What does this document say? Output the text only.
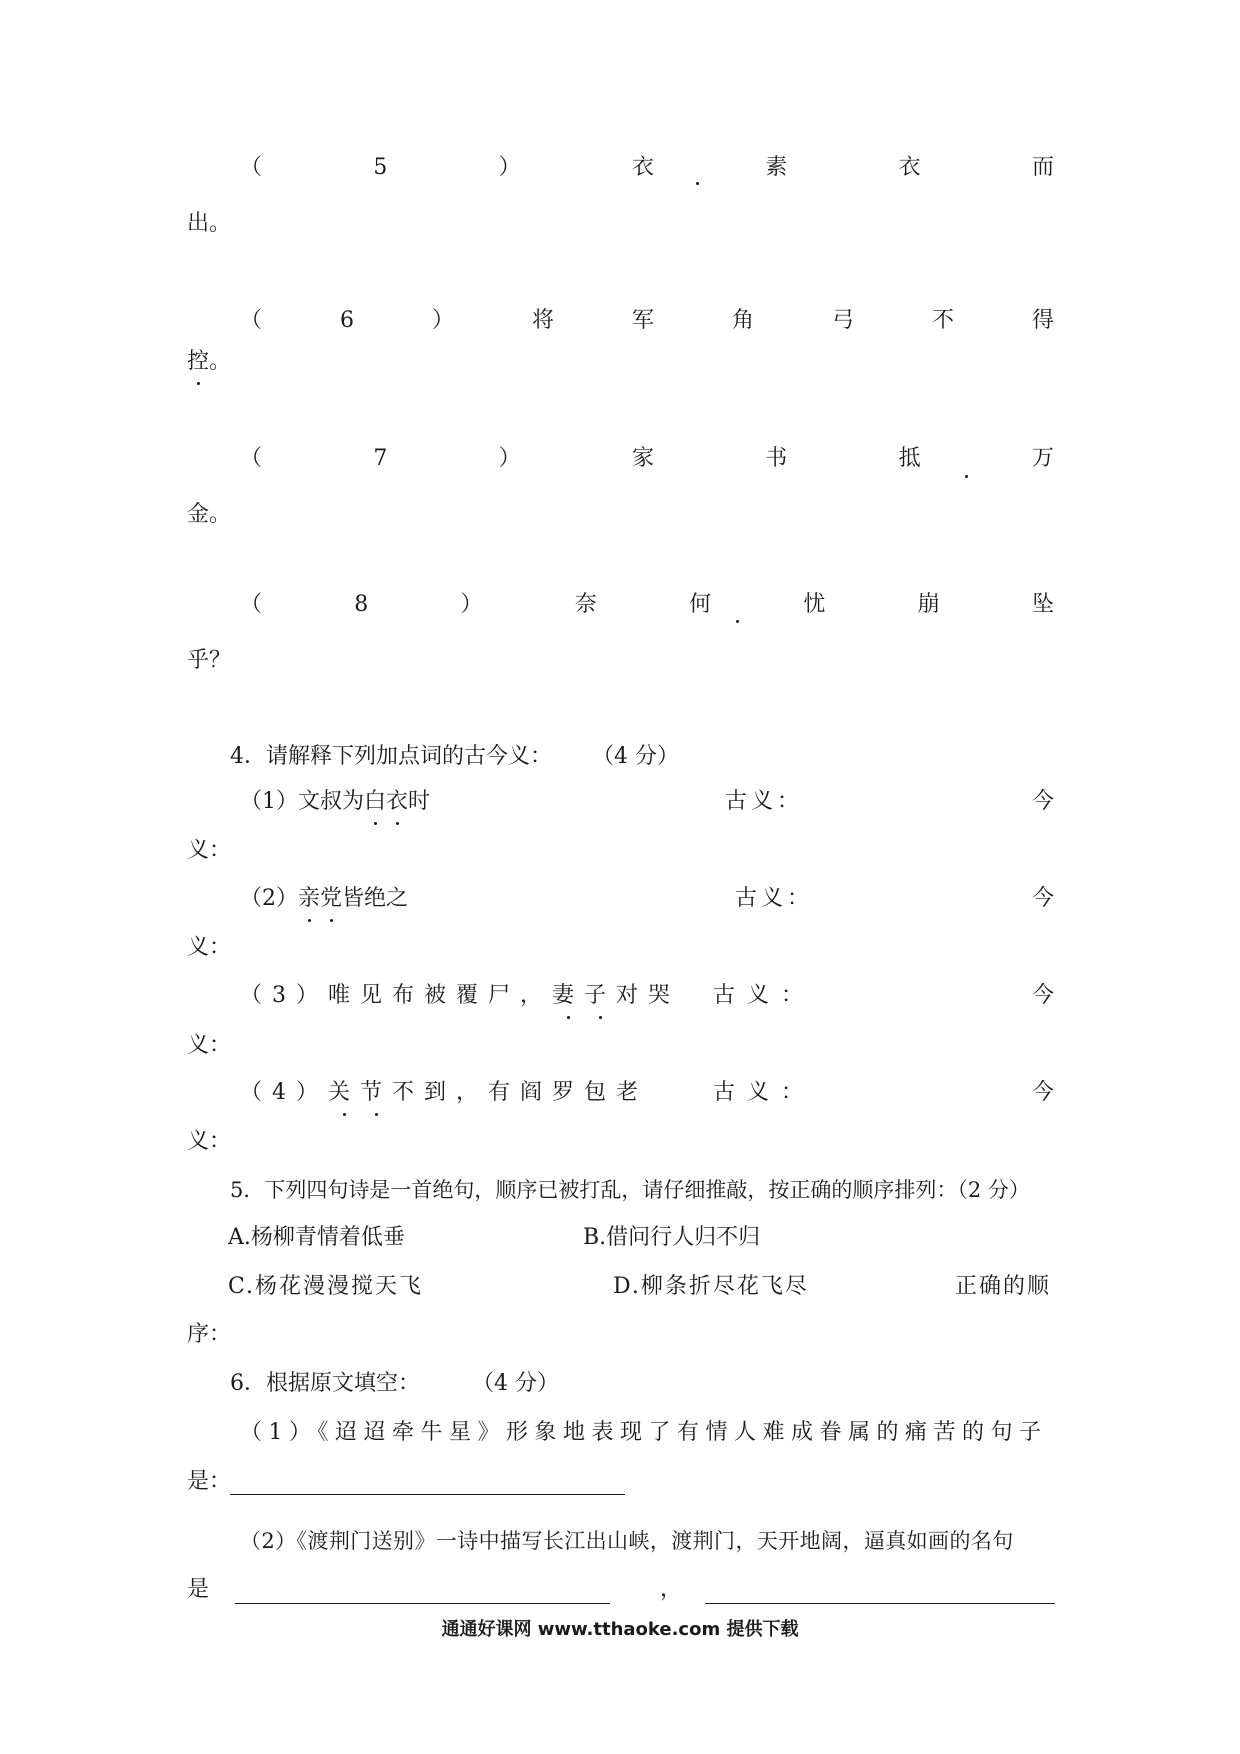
（	5	）	衣	素	衣	而
出。
（	6	）	将	军	角	弓	不	得
控。
（	7	）	家	书	抵	万
金。
（	8	）	奈	何	忧	崩	坠
乎？
4．请解释下列加点词的古今义： （4 分）
（1）文叔为白衣时	古义：	今
义：
（2）亲党皆绝之	古义：	今
义：
（3）唯见布被覆尸，妻子对哭 古义：	今
义：
（4）关节不到，有阎罗包老	古义：	今
义：
5．下列四句诗是一首绝句，顺序已被打乱，请仔细推敲，按正确的顺序排列：（2 分）
A.杨柳青情着低垂	B.借问行人归不归
C.杨花漫漫搅天飞	D.柳条折尽花飞尽	正确的顺
序：
6．根据原文填空： （4 分）
（1）《迢迢牵牛星》形象地表现了有情人难成眷属的痛苦的句子
是：
（2）《渡荆门送别》一诗中描写长江出山峡，渡荆门，天开地阔，逼真如画的名句
是	，
通通好课网 www.tthaoke.com 提供下载
